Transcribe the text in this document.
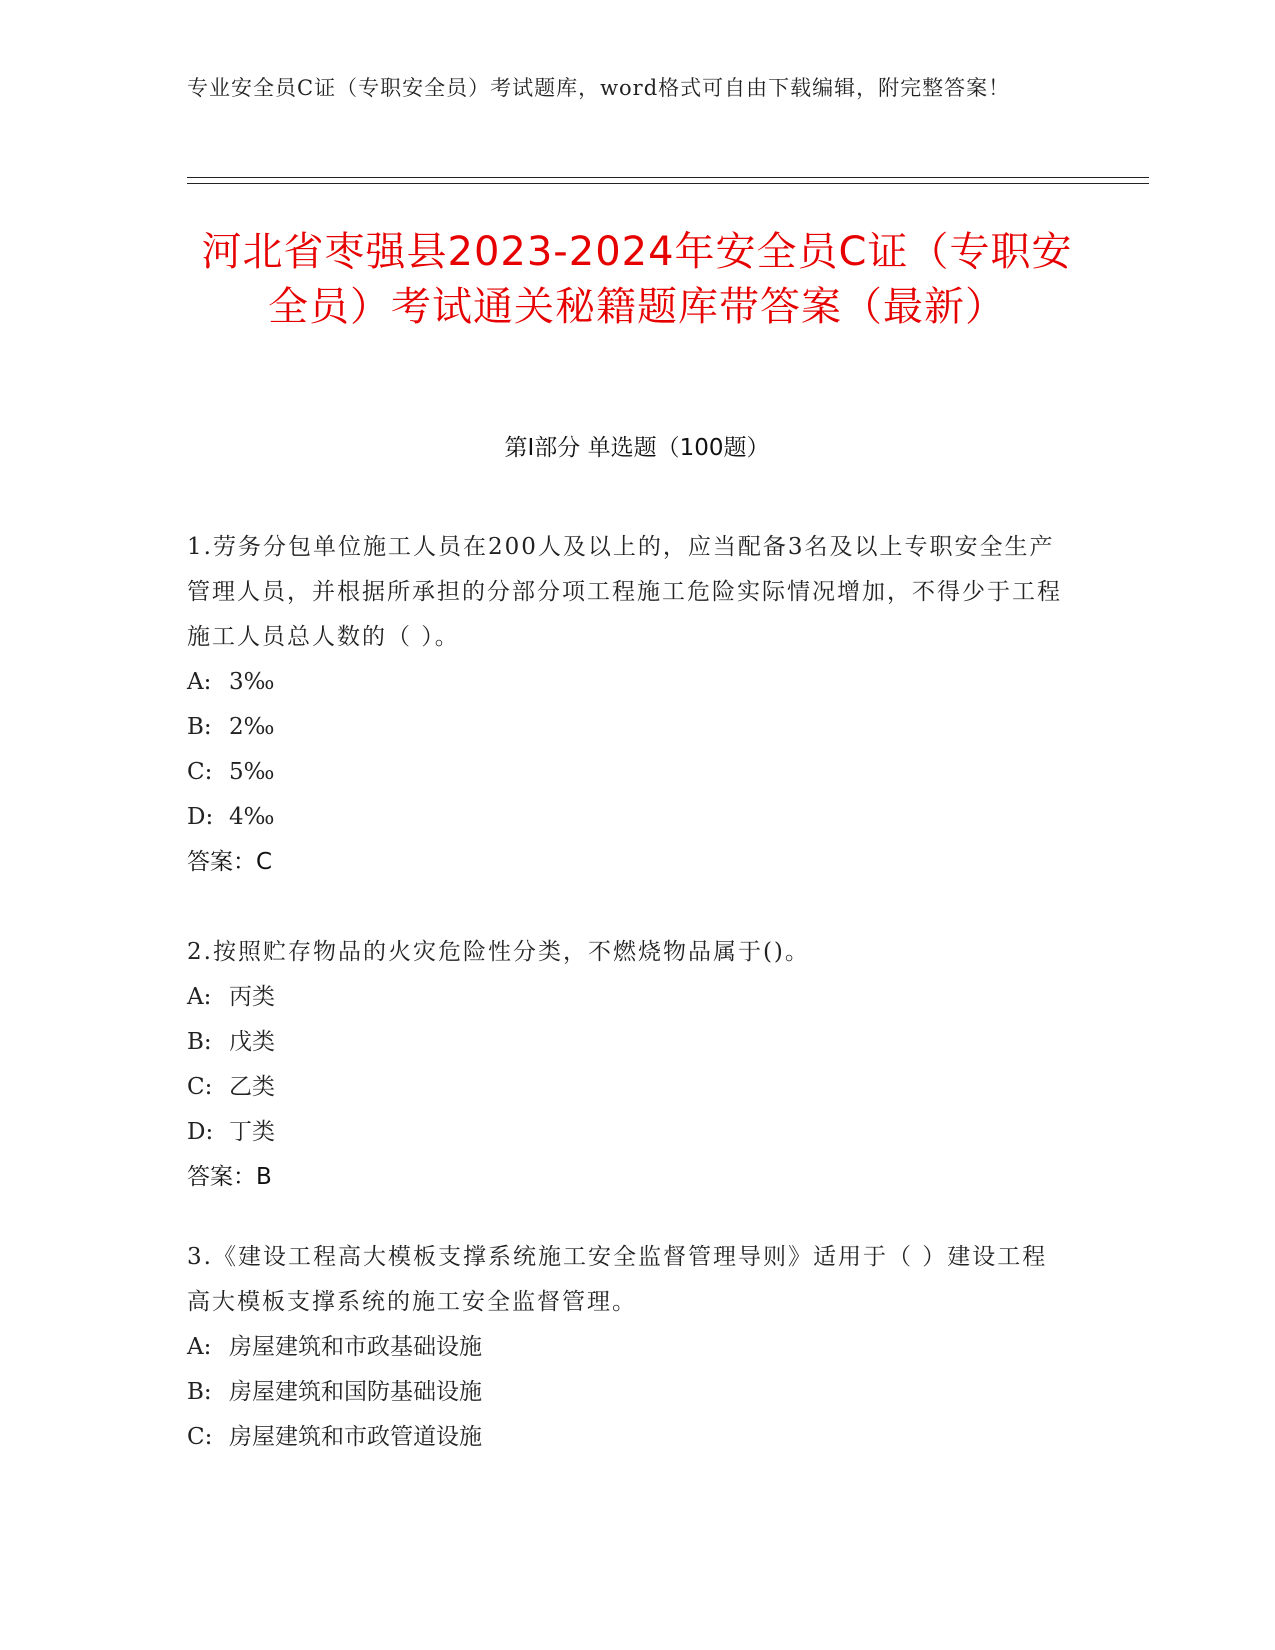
专业安全员C证（专职安全员）考试题库，word格式可自由下载编辑，附完整答案！
河北省枣强县2023-2024年安全员C证（专职安全员）考试通关秘籍题库带答案（最新）
第I部分 单选题（100题）
1.劳务分包单位施工人员在200人及以上的，应当配备3名及以上专职安全生产管理人员，并根据所承担的分部分项工程施工危险实际情况增加，不得少于工程施工人员总人数的（ ）。
A: 3‰
B: 2‰
C: 5‰
D: 4‰
答案：C
2.按照贮存物品的火灾危险性分类，不燃烧物品属于()。
A: 丙类
B: 戊类
C: 乙类
D: 丁类
答案：B
3.《建设工程高大模板支撑系统施工安全监督管理导则》适用于（ ）建设工程高大模板支撑系统的施工安全监督管理。
A: 房屋建筑和市政基础设施
B: 房屋建筑和国防基础设施
C: 房屋建筑和市政管道设施
